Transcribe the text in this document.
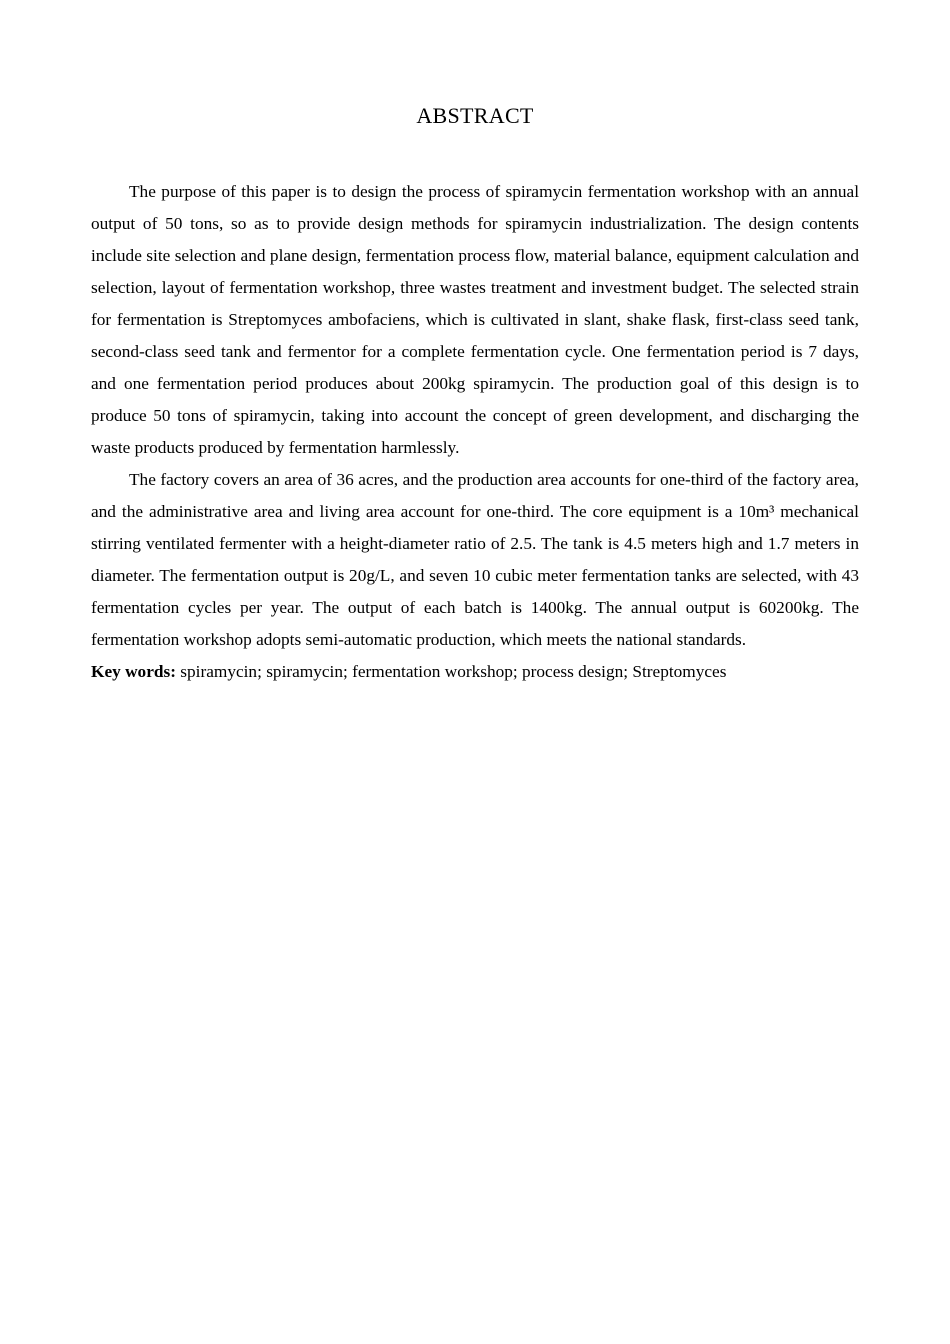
ABSTRACT

The purpose of this paper is to design the process of spiramycin fermentation workshop with an annual output of 50 tons, so as to provide design methods for spiramycin industrialization. The design contents include site selection and plane design, fermentation process flow, material balance, equipment calculation and selection, layout of fermentation workshop, three wastes treatment and investment budget. The selected strain for fermentation is Streptomyces ambofaciens, which is cultivated in slant, shake flask, first-class seed tank, second-class seed tank and fermentor for a complete fermentation cycle. One fermentation period is 7 days, and one fermentation period produces about 200kg spiramycin. The production goal of this design is to produce 50 tons of spiramycin, taking into account the concept of green development, and discharging the waste products produced by fermentation harmlessly.

The factory covers an area of 36 acres, and the production area accounts for one-third of the factory area, and the administrative area and living area account for one-third. The core equipment is a 10m³ mechanical stirring ventilated fermenter with a height-diameter ratio of 2.5. The tank is 4.5 meters high and 1.7 meters in diameter. The fermentation output is 20g/L, and seven 10 cubic meter fermentation tanks are selected, with 43 fermentation cycles per year. The output of each batch is 1400kg. The annual output is 60200kg. The fermentation workshop adopts semi-automatic production, which meets the national standards.

Key words: spiramycin; spiramycin; fermentation workshop; process design; Streptomyces
